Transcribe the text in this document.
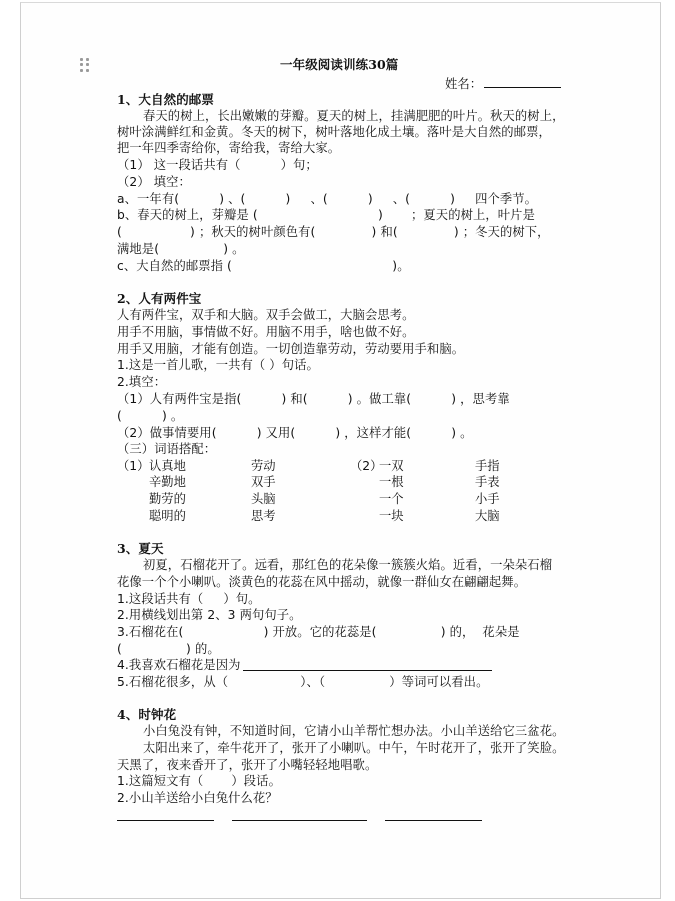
一年级阅读训练30篇
姓名：
1、大自然的邮票
春天的树上，长出嫩嫩的芽瓣。夏天的树上，挂满肥肥的叶片。秋天的树上，
树叶涂满鲜红和金黄。冬天的树下，树叶落地化成土壤。落叶是大自然的邮票，
把一年四季寄给你，寄给我，寄给大家。
（1） 这一段话共有（          ）句；
（2） 填空：
a、一年有(          ) 、(          )     、(          )     、(          )     四个季节。
b、春天的树上，芽瓣是 (                              )       ；夏天的树上，叶片是
(                 ) ；秋天的树叶颜色有(              ) 和(              ) ；冬天的树下，
满地是(                ) 。
c、大自然的邮票指 (                                        )。
2、人有两件宝
人有两件宝，双手和大脑。双手会做工，大脑会思考。
用手不用脑，事情做不好。用脑不用手，啥也做不好。
用手又用脑，才能有创造。一切创造靠劳动，劳动要用手和脑。
1.这是一首儿歌，一共有（ ）句话。
2.填空：
（1）人有两件宝是指(          ) 和(          ) 。做工靠(          ) ，思考靠
(          ) 。
（2）做事情要用(          ) 又用(          ) ，这样才能(          ) 。
（三）词语搭配：
（1） 认真地
辛勤地
勤劳的
聪明的
劳动
双手
头脑
思考
（2）
一双
一根
一个
一块
手指
手表
小手
大脑
3、夏天
初夏，石榴花开了。远看，那红色的花朵像一簇簇火焰。近看，一朵朵石榴
花像一个个小喇叭。淡黄色的花蕊在风中摇动，就像一群仙女在翩翩起舞。
1.这段话共有（     ）句。
2.用横线划出第 2、3 两句句子。
3.石榴花在(                    ) 开放。它的花蕊是(                ) 的，  花朵是
(                ) 的。
4.我喜欢石榴花是因为
5.石榴花很多，从（                  ）、（                ）等词可以看出。
4、时钟花
小白兔没有钟，不知道时间，它请小山羊帮忙想办法。小山羊送给它三盆花。
太阳出来了，牵牛花开了，张开了小喇叭。中午，午时花开了，张开了笑脸。
天黑了，夜来香开了，张开了小嘴轻轻地唱歌。
1.这篇短文有（       ）段话。
2.小山羊送给小白兔什么花？
